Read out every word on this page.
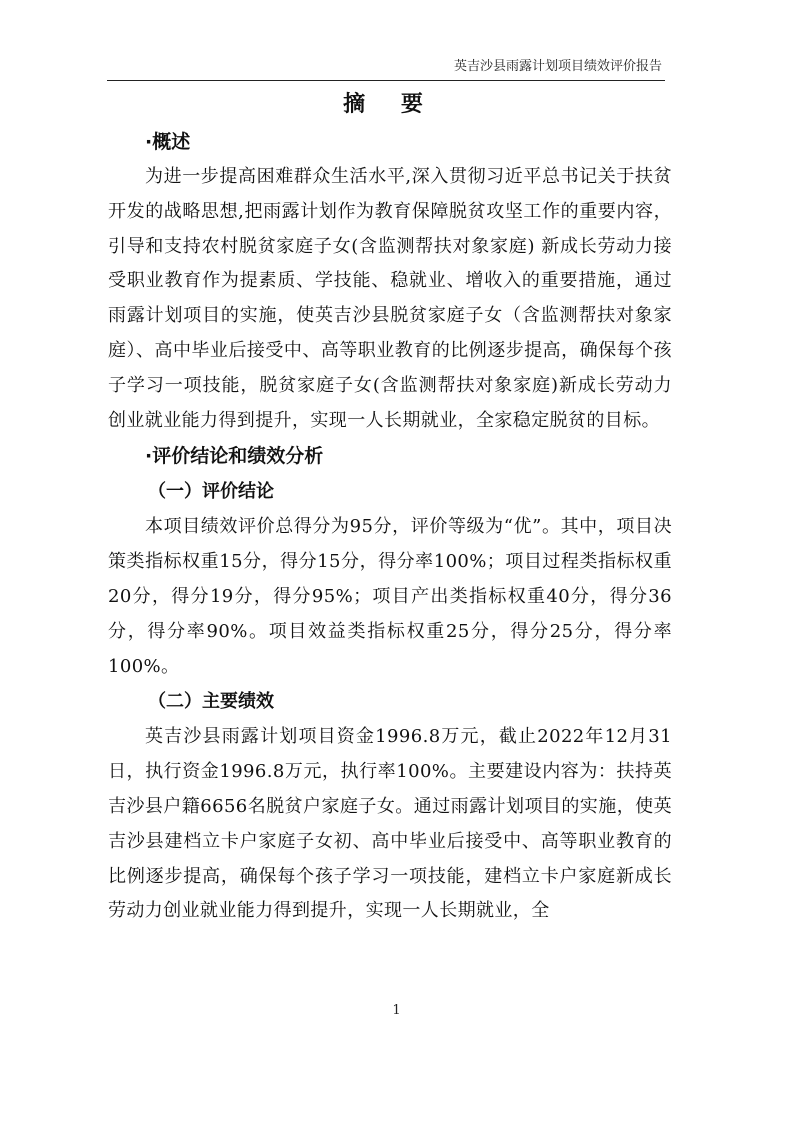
英吉沙县雨露计划项目绩效评价报告
摘 要
·概述

为进一步提高困难群众生活水平,深入贯彻习近平总书记关于扶贫开发的战略思想,把雨露计划作为教育保障脱贫攻坚工作的重要内容，引导和支持农村脱贫家庭子女(含监测帮扶对象家庭) 新成长劳动力接受职业教育作为提素质、学技能、稳就业、增收入的重要措施，通过雨露计划项目的实施，使英吉沙县脱贫家庭子女（含监测帮扶对象家庭）、高中毕业后接受中、高等职业教育的比例逐步提高，确保每个孩子学习一项技能，脱贫家庭子女(含监测帮扶对象家庭)新成长劳动力创业就业能力得到提升，实现一人长期就业，全家稳定脱贫的目标。

·评价结论和绩效分析
（一）评价结论

本项目绩效评价总得分为95分，评价等级为“优”。其中，项目决策类指标权重15分，得分15分，得分率100%；项目过程类指标权重20分，得分19分，得分95%；项目产出类指标权重40分，得分36分，得分率90%。项目效益类指标权重25分，得分25分，得分率100%。

（二）主要绩效

英吉沙县雨露计划项目资金1996.8万元，截止2022年12月31日，执行资金1996.8万元，执行率100%。主要建设内容为：扶持英吉沙县户籍6656名脱贫户家庭子女。通过雨露计划项目的实施，使英吉沙县建档立卡户家庭子女初、高中毕业后接受中、高等职业教育的比例逐步提高，确保每个孩子学习一项技能，建档立卡户家庭新成长劳动力创业就业能力得到提升，实现一人长期就业，全

1
